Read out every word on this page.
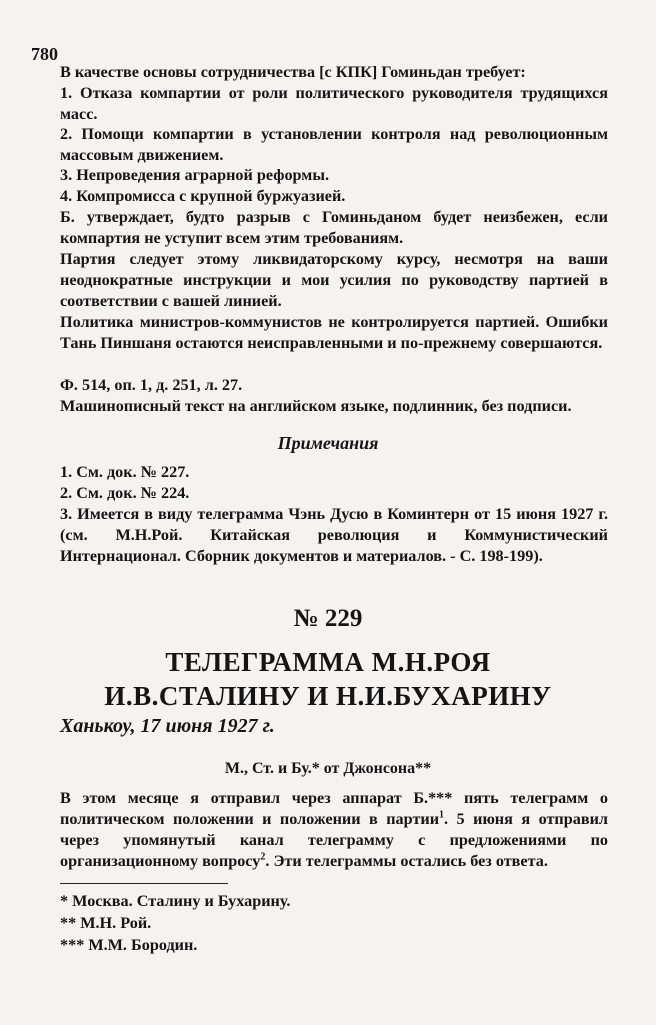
780
В качестве основы сотрудничества [с КПК] Гоминьдан требует:
1. Отказа компартии от роли политического руководителя трудящихся масс.
2. Помощи компартии в установлении контроля над революционным массовым движением.
3. Непроведения аграрной реформы.
4. Компромисса с крупной буржуазией.
Б. утверждает, будто разрыв с Гоминьданом будет неизбежен, если компартия не уступит всем этим требованиям.
Партия следует этому ликвидаторскому курсу, несмотря на ваши неоднократные инструкции и мои усилия по руководству партией в соответствии с вашей линией.
Политика министров-коммунистов не контролируется партией. Ошибки Тань Пиншаня остаются неисправленными и по-прежнему совершаются.
Ф. 514, оп. 1, д. 251, л. 27.
Машинописный текст на английском языке, подлинник, без подписи.
Примечания
1. См. док. № 227.
2. См. док. № 224.
3. Имеется в виду телеграмма Чэнь Дусю в Коминтерн от 15 июня 1927 г. (см. М.Н.Рой. Китайская революция и Коммунистический Интернационал. Сборник документов и материалов. - С. 198-199).
№ 229
ТЕЛЕГРАММА М.Н.РОЯ
И.В.СТАЛИНУ И Н.И.БУХАРИНУ
Ханькоу, 17 июня 1927 г.
М., Ст. и Бу.* от Джонсона**
В этом месяце я отправил через аппарат Б.*** пять телеграмм о политическом положении и положении в партии$^1$. 5 июня я отправил через упомянутый канал телеграмму с предложениями по организационному вопросу$^2$. Эти телеграммы остались без ответа.
* Москва. Сталину и Бухарину.
** М.Н. Рой.
*** М.М. Бородин.
